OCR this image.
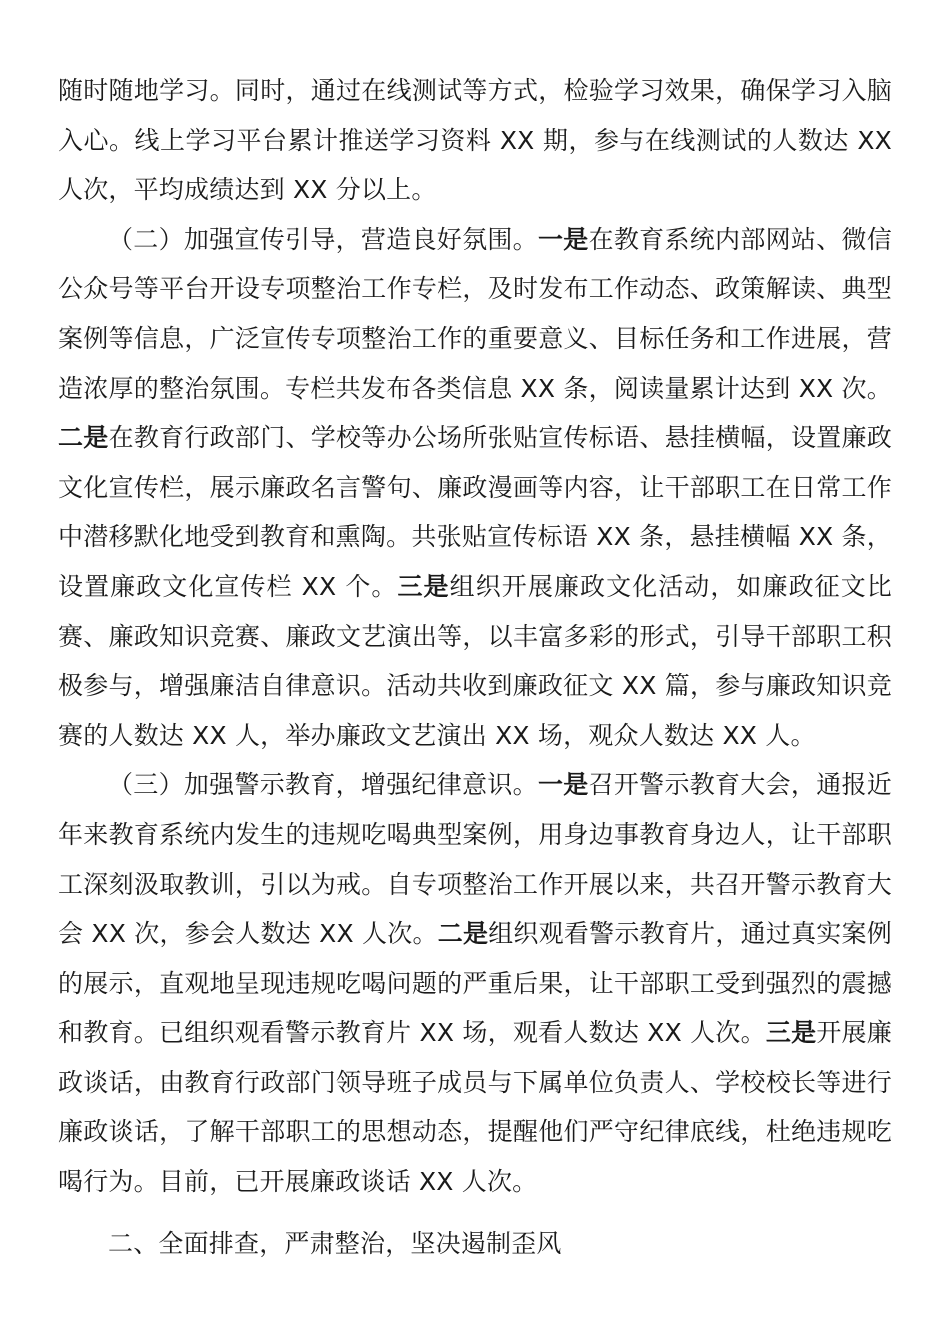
随时随地学习。同时，通过在线测试等方式，检验学习效果，确保学习入脑入心。线上学习平台累计推送学习资料 XX 期，参与在线测试的人数达 XX 人次，平均成绩达到 XX 分以上。

（二）加强宣传引导，营造良好氛围。一是在教育系统内部网站、微信公众号等平台开设专项整治工作专栏，及时发布工作动态、政策解读、典型案例等信息，广泛宣传专项整治工作的重要意义、目标任务和工作进展，营造浓厚的整治氛围。专栏共发布各类信息 XX 条，阅读量累计达到 XX 次。二是在教育行政部门、学校等办公场所张贴宣传标语、悬挂横幅，设置廉政文化宣传栏，展示廉政名言警句、廉政漫画等内容，让干部职工在日常工作中潜移默化地受到教育和熏陶。共张贴宣传标语 XX 条，悬挂横幅 XX 条，设置廉政文化宣传栏 XX 个。三是组织开展廉政文化活动，如廉政征文比赛、廉政知识竞赛、廉政文艺演出等，以丰富多彩的形式，引导干部职工积极参与，增强廉洁自律意识。活动共收到廉政征文 XX 篇，参与廉政知识竞赛的人数达 XX 人，举办廉政文艺演出 XX 场，观众人数达 XX 人。

（三）加强警示教育，增强纪律意识。一是召开警示教育大会，通报近年来教育系统内发生的违规吃喝典型案例，用身边事教育身边人，让干部职工深刻汲取教训，引以为戒。自专项整治工作开展以来，共召开警示教育大会 XX 次，参会人数达 XX 人次。二是组织观看警示教育片，通过真实案例的展示，直观地呈现违规吃喝问题的严重后果，让干部职工受到强烈的震撼和教育。已组织观看警示教育片 XX 场，观看人数达 XX 人次。三是开展廉政谈话，由教育行政部门领导班子成员与下属单位负责人、学校校长等进行廉政谈话，了解干部职工的思想动态，提醒他们严守纪律底线，杜绝违规吃喝行为。目前，已开展廉政谈话 XX 人次。

二、全面排查，严肃整治，坚决遏制歪风
